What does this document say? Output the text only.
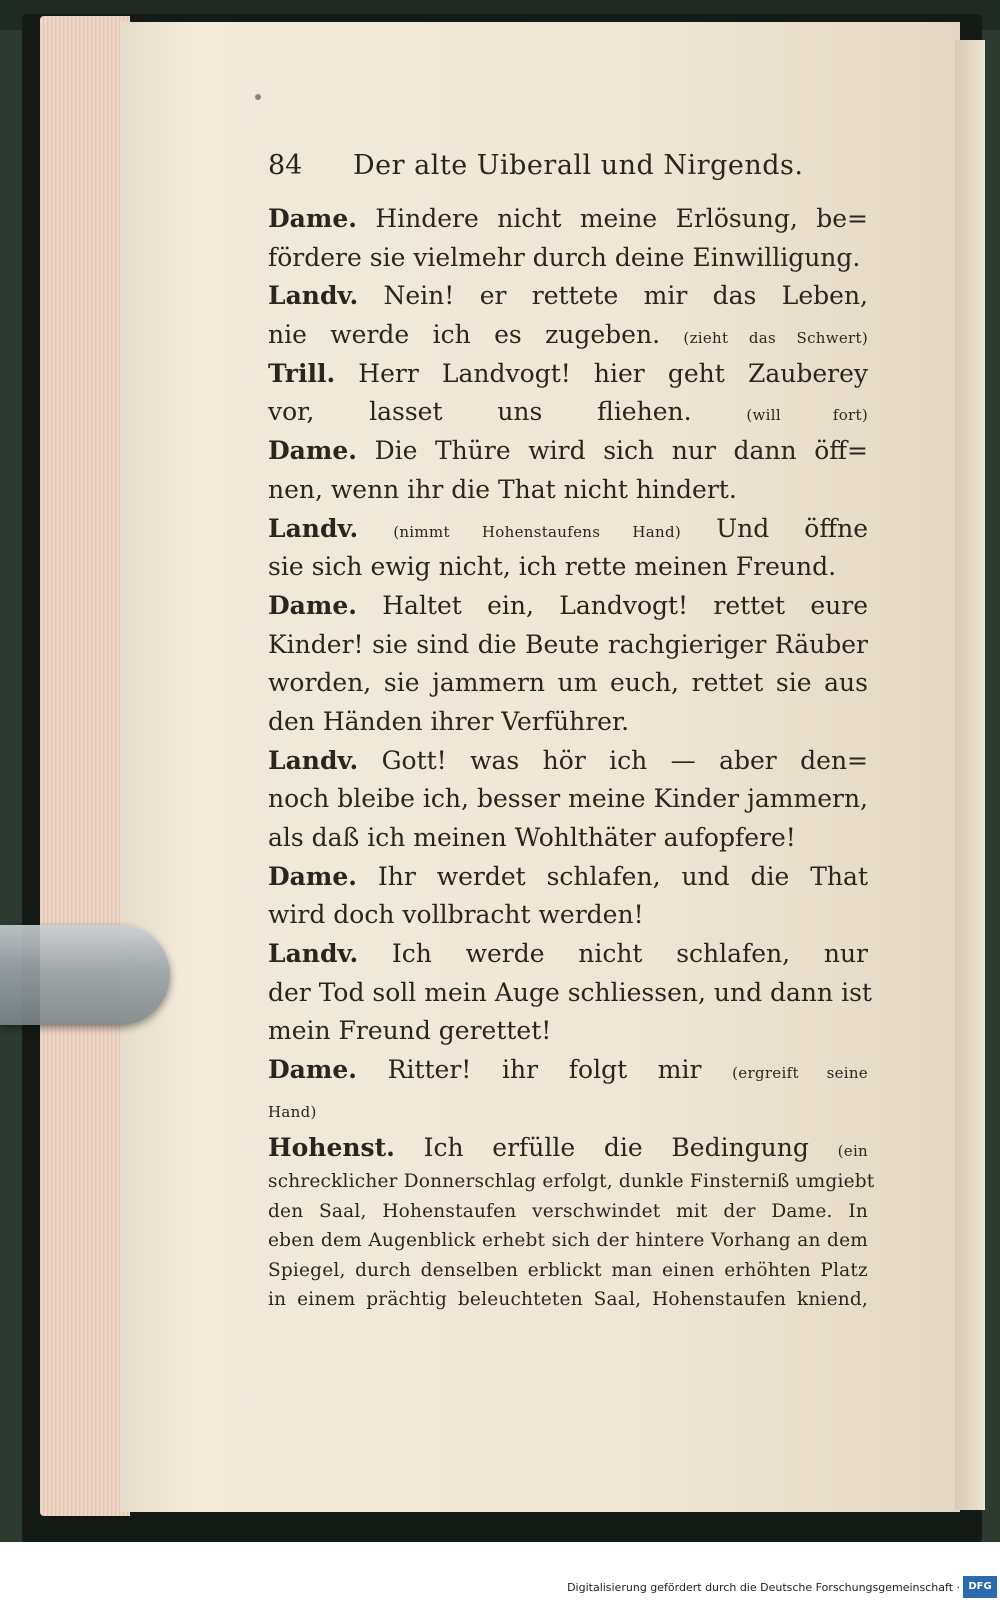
84	Der alte Uiberall und Nirgends.
Dame. Hindere nicht meine Erlösung, be=
fördere sie vielmehr durch deine Einwilligung.
Landv. Nein! er rettete mir das Leben,
nie werde ich es zugeben. (zieht das Schwert)
Trill. Herr Landvogt! hier geht Zauberey
vor, lasset uns fliehen. (will fort)
Dame. Die Thüre wird sich nur dann öff=
nen, wenn ihr die That nicht hindert.
Landv. (nimmt Hohenstaufens Hand) Und öffne
sie sich ewig nicht, ich rette meinen Freund.
Dame. Haltet ein, Landvogt! rettet eure
Kinder! sie sind die Beute rachgieriger Räuber
worden, sie jammern um euch, rettet sie aus
den Händen ihrer Verführer.
Landv. Gott! was hör ich — aber den=
noch bleibe ich, besser meine Kinder jammern,
als daß ich meinen Wohlthäter aufopfere!
Dame. Ihr werdet schlafen, und die That
wird doch vollbracht werden!
Landv. Ich werde nicht schlafen, nur
der Tod soll mein Auge schliessen, und dann ist
mein Freund gerettet!
Dame. Ritter! ihr folgt mir (ergreift seine
Hand)
Hohenst. Ich erfülle die Bedingung (ein
schrecklicher Donnerschlag erfolgt, dunkle Finsterniß umgiebt
den Saal, Hohenstaufen verschwindet mit der Dame. In
eben dem Augenblick erhebt sich der hintere Vorhang an dem
Spiegel, durch denselben erblickt man einen erhöhten Platz
in einem prächtig beleuchteten Saal, Hohenstaufen kniend,
Digitalisierung gefördert durch die Deutsche Forschungsgemeinschaft · DFG
